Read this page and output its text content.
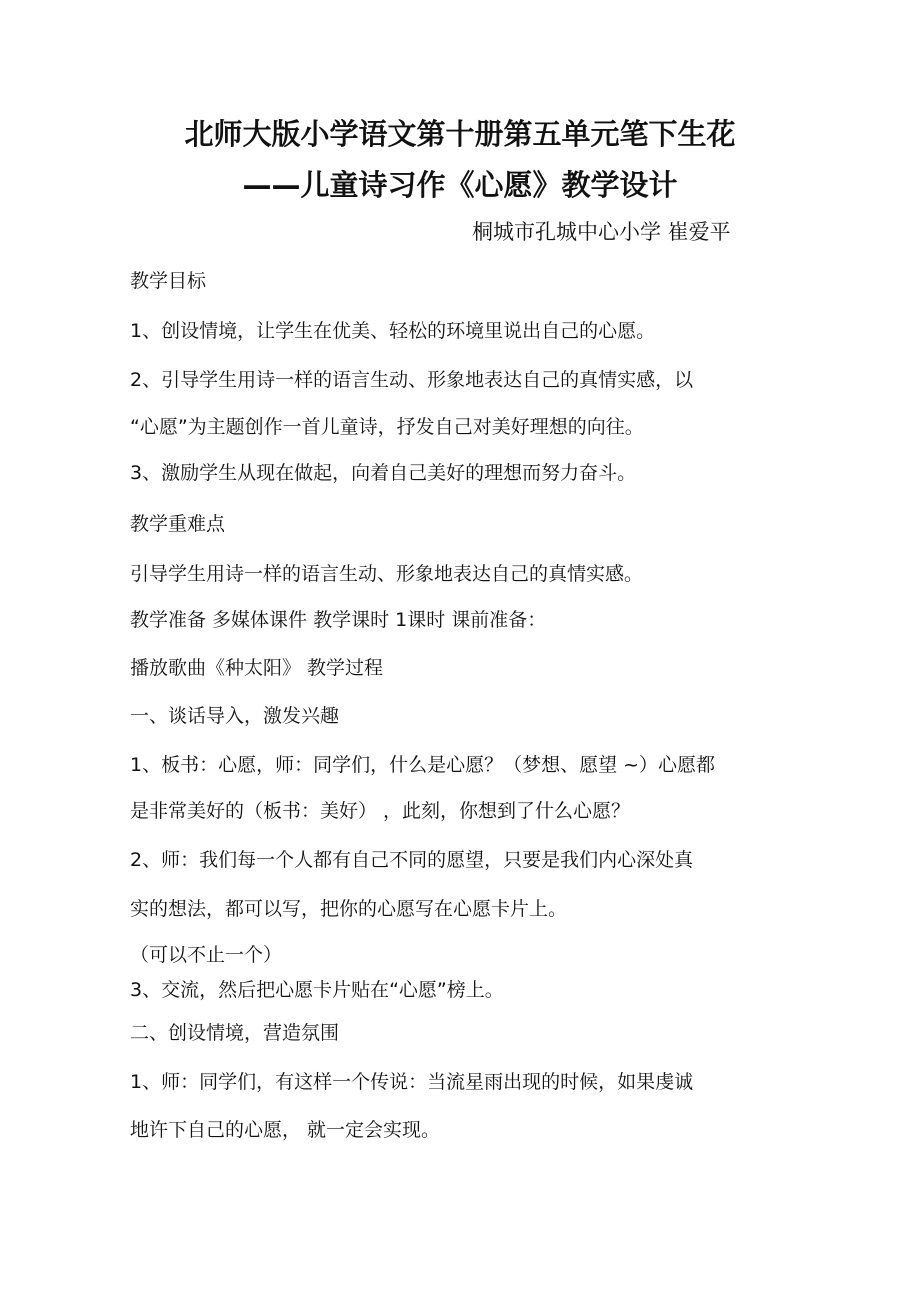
北师大版小学语文第十册第五单元笔下生花
——儿童诗习作《心愿》教学设计
桐城市孔城中心小学 崔爱平
教学目标
1、创设情境，让学生在优美、轻松的环境里说出自己的心愿。
2、引导学生用诗一样的语言生动、形象地表达自己的真情实感，以
“心愿”为主题创作一首儿童诗，抒发自己对美好理想的向往。
3、激励学生从现在做起，向着自己美好的理想而努力奋斗。
教学重难点
引导学生用诗一样的语言生动、形象地表达自己的真情实感。
教学准备 多媒体课件 教学课时 1课时 课前准备：
播放歌曲《种太阳》 教学过程
一、谈话导入，激发兴趣
1、板书：心愿，师：同学们，什么是心愿？（梦想、愿望 ~）心愿都
是非常美好的（板书：美好） ，此刻，你想到了什么心愿？
2、师：我们每一个人都有自己不同的愿望，只要是我们内心深处真
实的想法，都可以写，把你的心愿写在心愿卡片上。
（可以不止一个）
3、交流，然后把心愿卡片贴在“心愿”榜上。
二、创设情境，营造氛围
1、师：同学们，有这样一个传说：当流星雨出现的时候，如果虔诚
地许下自己的心愿， 就一定会实现。
